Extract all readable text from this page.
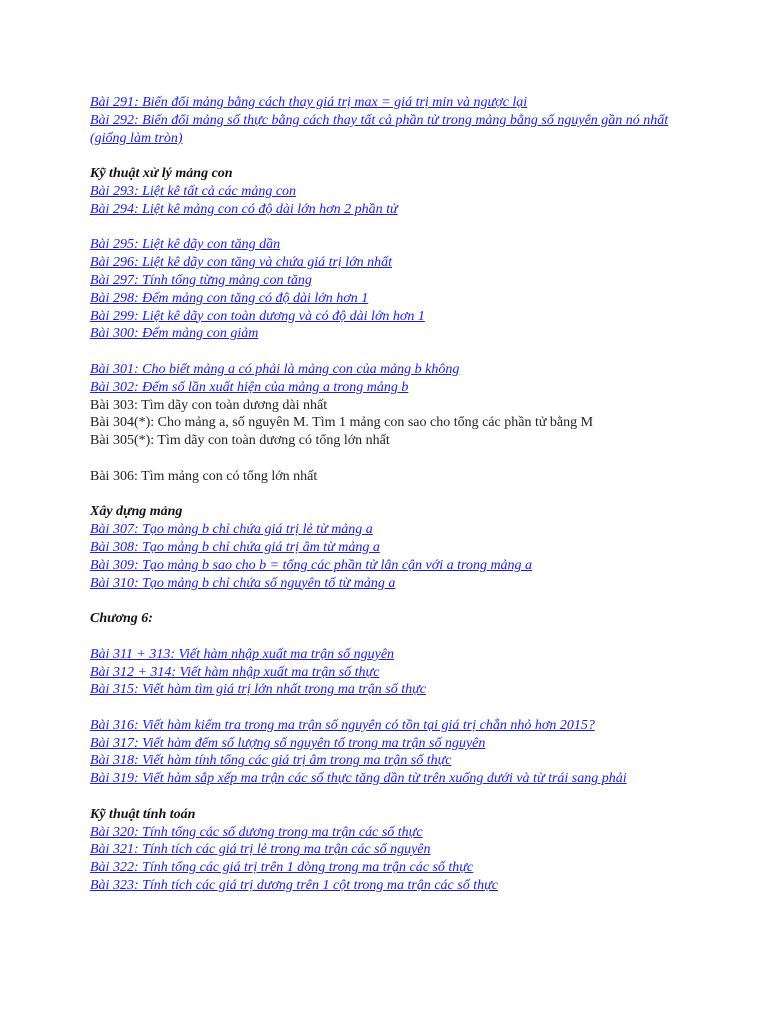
Bài 291: Biến đổi mảng bằng cách thay giá trị max = giá trị min và ngược lại
Bài 292: Biến đổi mảng số thực bằng cách thay tất cả phần tử trong mảng bằng số nguyên gần nó nhất (giống làm tròn)
Kỹ thuật xử lý mảng con
Bài 293: Liệt kê tất cả các mảng con
Bài 294: Liệt kê mảng con có độ dài lớn hơn 2 phần tử
Bài 295: Liệt kê dãy con tăng dần
Bài 296: Liệt kê dãy con tăng và chứa giá trị lớn nhất
Bài 297: Tính tổng từng mảng con tăng
Bài 298: Đếm mảng con tăng có độ dài lớn hơn 1
Bài 299: Liệt kê dãy con toàn dương và có độ dài lớn hơn 1
Bài 300: Đếm mảng con giảm
Bài 301: Cho biết mảng a có phải là mảng con của mảng b không
Bài 302: Đếm số lần xuất hiện của mảng a trong mảng b
Bài 303: Tìm dãy con toàn dương dài nhất
Bài 304(*): Cho mảng a, số nguyên M. Tìm 1 mảng con sao cho tổng các phần tử bằng M
Bài 305(*): Tìm dãy con toàn dương có tổng lớn nhất
Bài 306: Tìm mảng con có tổng lớn nhất
Xây dựng mảng
Bài 307: Tạo mảng b chỉ chứa giá trị lẻ từ mảng a
Bài 308: Tạo mảng b chỉ chứa giá trị âm từ mảng a
Bài 309: Tạo mảng b sao cho b = tổng các phần tử lân cận với a trong mảng a
Bài 310: Tạo mảng b chỉ chứa số nguyên tố từ mảng a
Chương 6:
Bài 311 + 313: Viết hàm nhập xuất ma trận số nguyên
Bài 312 + 314: Viết hàm nhập xuất ma trận số thực
Bài 315: Viết hàm tìm giá trị lớn nhất trong ma trận số thực
Bài 316: Viết hàm kiểm tra trong ma trận số nguyên có tồn tại giá trị chẵn nhỏ hơn 2015?
Bài 317: Viết hàm đếm số lượng số nguyên tố trong ma trận số nguyên
Bài 318: Viết hàm tính tổng các giá trị âm trong ma trận số thực
Bài 319: Viết hàm sắp xếp ma trận các số thực tăng dần từ trên xuống dưới và từ trái sang phải
Kỹ thuật tính toán
Bài 320: Tính tổng các số dương trong ma trận các số thực
Bài 321: Tính tích các giá trị lẻ trong ma trận các số nguyên
Bài 322: Tính tổng các giá trị trên 1 dòng trong ma trận các số thực
Bài 323: Tính tích các giá trị dương trên 1 cột trong ma trận các số thực
